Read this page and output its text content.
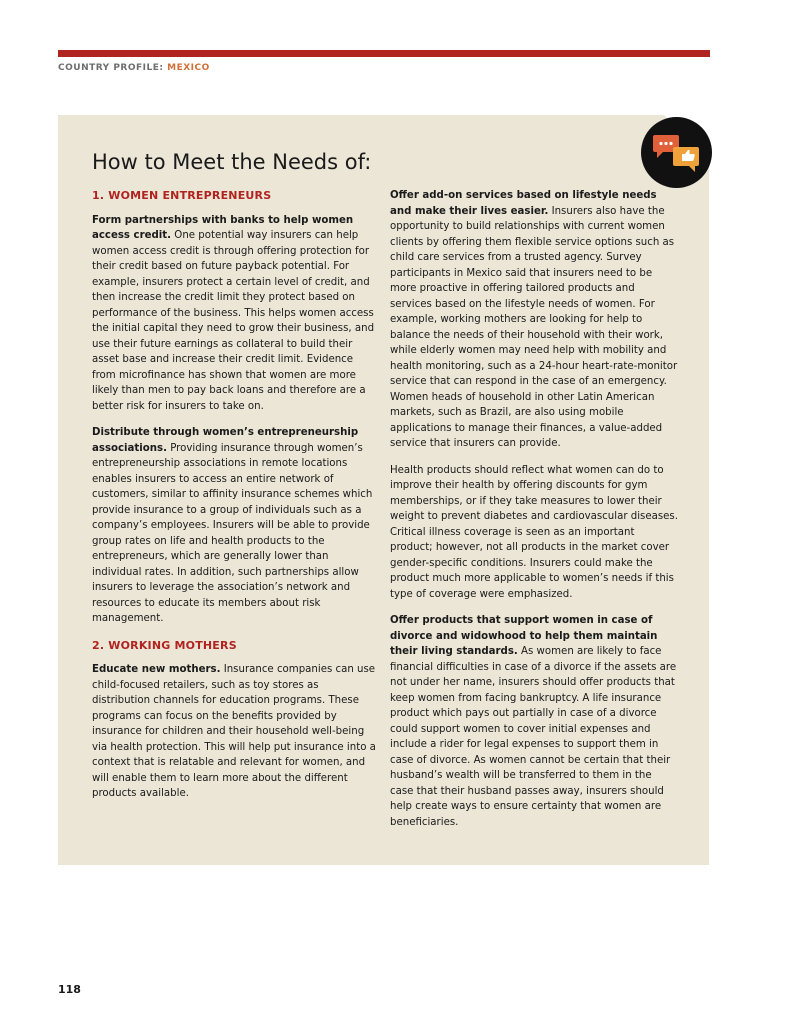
COUNTRY PROFILE: MEXICO
How to Meet the Needs of:
1. WOMEN ENTREPRENEURS

Form partnerships with banks to help women access credit. One potential way insurers can help women access credit is through offering protection for their credit based on future payback potential. For example, insurers protect a certain level of credit, and then increase the credit limit they protect based on performance of the business. This helps women access the initial capital they need to grow their business, and use their future earnings as collateral to build their asset base and increase their credit limit. Evidence from microfinance has shown that women are more likely than men to pay back loans and therefore are a better risk for insurers to take on.

Distribute through women’s entrepreneurship associations. Providing insurance through women’s entrepreneurship associations in remote locations enables insurers to access an entire network of customers, similar to affinity insurance schemes which provide insurance to a group of individuals such as a company’s employees. Insurers will be able to provide group rates on life and health products to the entrepreneurs, which are generally lower than individual rates. In addition, such partnerships allow insurers to leverage the association’s network and resources to educate its members about risk management.

2. WORKING MOTHERS

Educate new mothers. Insurance companies can use child-focused retailers, such as toy stores as distribution channels for education programs. These programs can focus on the benefits provided by insurance for children and their household well-being via health protection. This will help put insurance into a context that is relatable and relevant for women, and will enable them to learn more about the different products available.

Offer add-on services based on lifestyle needs and make their lives easier. Insurers also have the opportunity to build relationships with current women clients by offering them flexible service options such as child care services from a trusted agency. Survey participants in Mexico said that insurers need to be more proactive in offering tailored products and services based on the lifestyle needs of women. For example, working mothers are looking for help to balance the needs of their household with their work, while elderly women may need help with mobility and health monitoring, such as a 24-hour heart-rate-monitor service that can respond in the case of an emergency. Women heads of household in other Latin American markets, such as Brazil, are also using mobile applications to manage their finances, a value-added service that insurers can provide.

Health products should reflect what women can do to improve their health by offering discounts for gym memberships, or if they take measures to lower their weight to prevent diabetes and cardiovascular diseases. Critical illness coverage is seen as an important product; however, not all products in the market cover gender-specific conditions. Insurers could make the product much more applicable to women’s needs if this type of coverage were emphasized.

Offer products that support women in case of divorce and widowhood to help them maintain their living standards. As women are likely to face financial difficulties in case of a divorce if the assets are not under her name, insurers should offer products that keep women from facing bankruptcy. A life insurance product which pays out partially in case of a divorce could support women to cover initial expenses and include a rider for legal expenses to support them in case of divorce. As women cannot be certain that their husband’s wealth will be transferred to them in the case that their husband passes away, insurers should help create ways to ensure certainty that women are beneficiaries.

118
